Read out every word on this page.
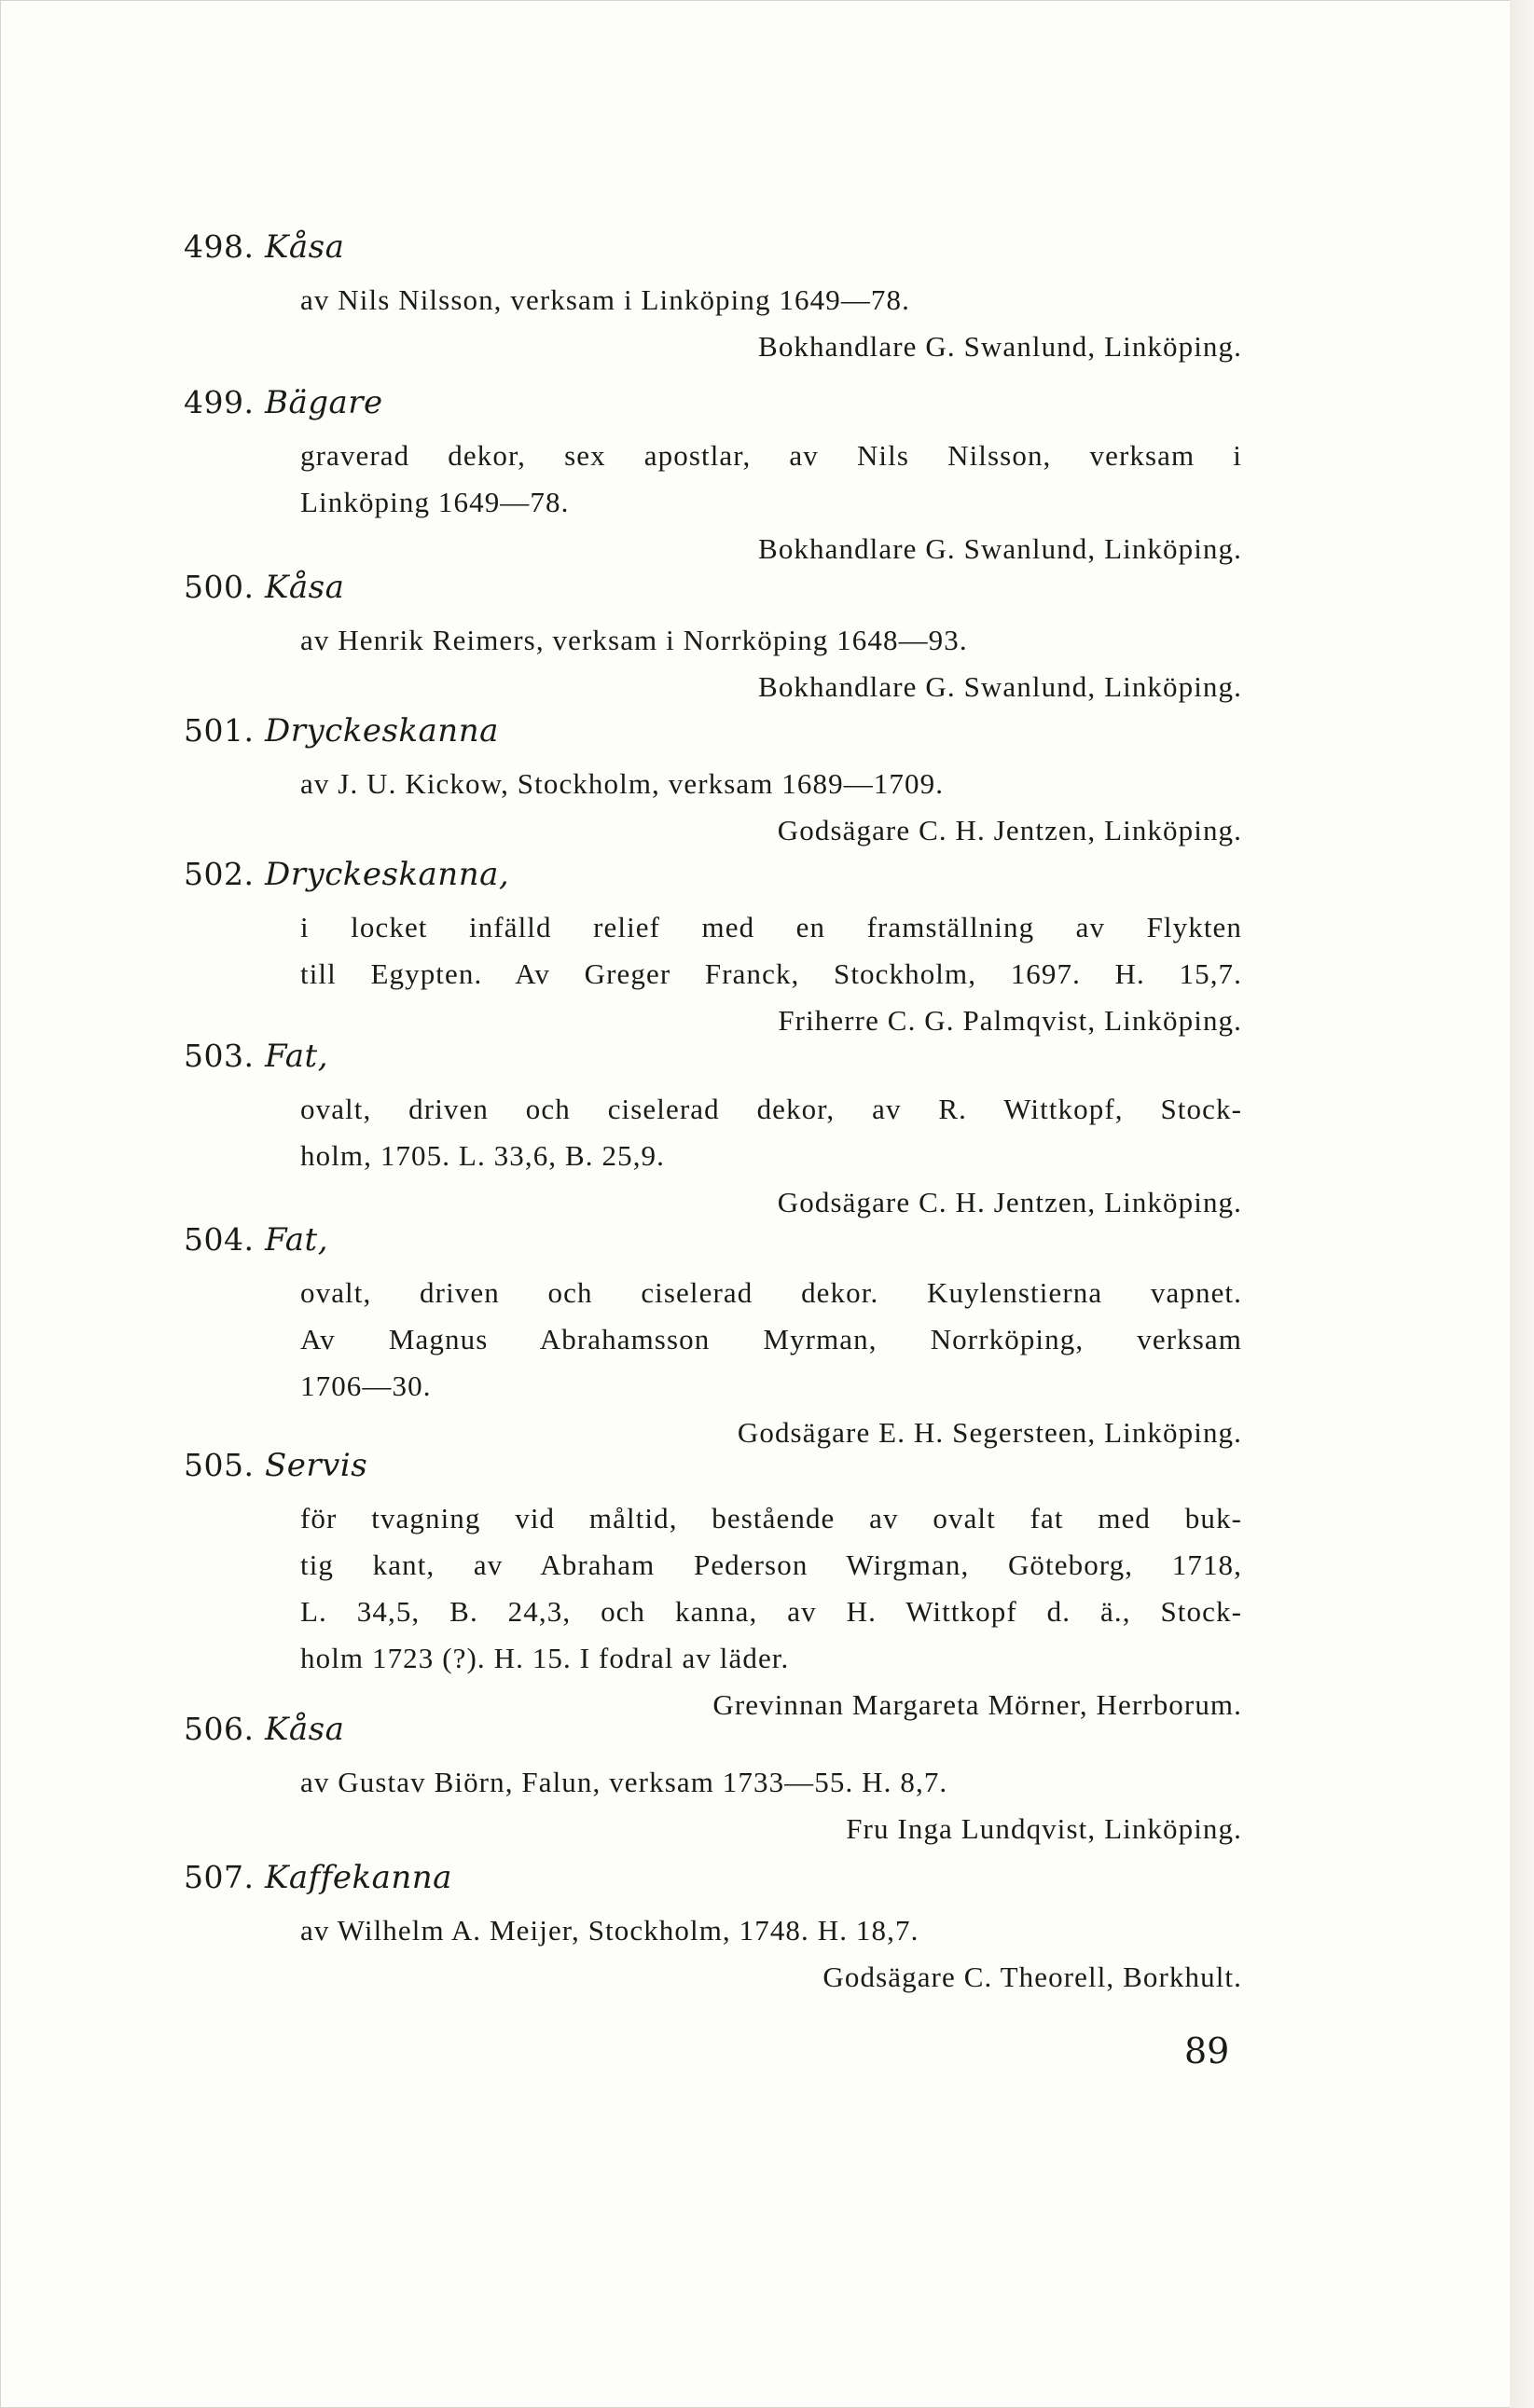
498. Kåsa
av Nils Nilsson, verksam i Linköping 1649—78.
Bokhandlare G. Swanlund, Linköping.
499. Bägare
graverad dekor, sex apostlar, av Nils Nilsson, verksam i
Linköping 1649—78.
Bokhandlare G. Swanlund, Linköping.
500. Kåsa
av Henrik Reimers, verksam i Norrköping 1648—93.
Bokhandlare G. Swanlund, Linköping.
501. Dryckeskanna
av J. U. Kickow, Stockholm, verksam 1689—1709.
Godsägare C. H. Jentzen, Linköping.
502. Dryckeskanna,
i locket infälld relief med en framställning av Flykten
till Egypten. Av Greger Franck, Stockholm, 1697. H. 15,7.
Friherre C. G. Palmqvist, Linköping.
503. Fat,
ovalt, driven och ciselerad dekor, av R. Wittkopf, Stock-
holm, 1705. L. 33,6, B. 25,9.
Godsägare C. H. Jentzen, Linköping.
504. Fat,
ovalt, driven och ciselerad dekor. Kuylenstierna vapnet.
Av Magnus Abrahamsson Myrman, Norrköping, verksam
1706—30.
Godsägare E. H. Segersteen, Linköping.
505. Servis
för tvagning vid måltid, bestående av ovalt fat med buk-
tig kant, av Abraham Pederson Wirgman, Göteborg, 1718,
L. 34,5, B. 24,3, och kanna, av H. Wittkopf d. ä., Stock-
holm 1723 (?). H. 15. I fodral av läder.
Grevinnan Margareta Mörner, Herrborum.
506. Kåsa
av Gustav Biörn, Falun, verksam 1733—55. H. 8,7.
Fru Inga Lundqvist, Linköping.
507. Kaffekanna
av Wilhelm A. Meijer, Stockholm, 1748. H. 18,7.
Godsägare C. Theorell, Borkhult.
89
